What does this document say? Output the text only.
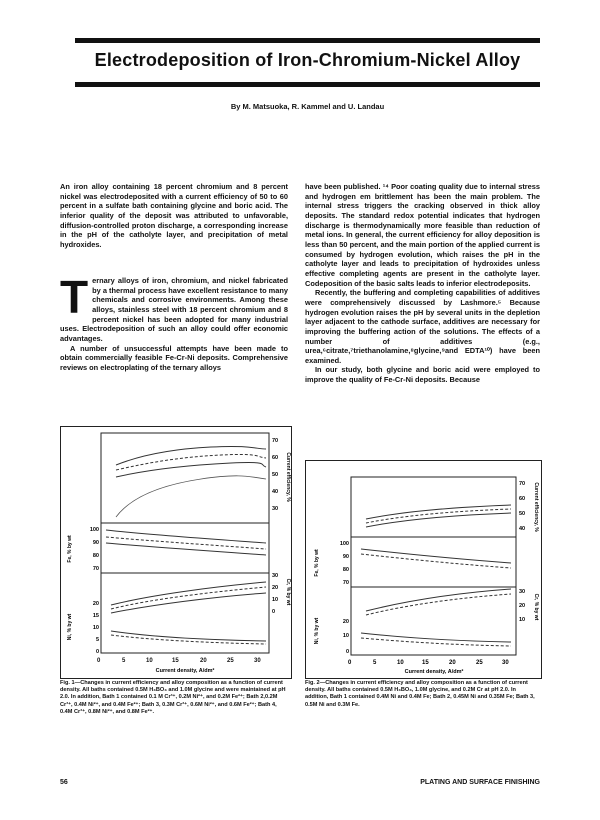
Electrodeposition of Iron-Chromium-Nickel Alloy
By M. Matsuoka, R. Kammel and U. Landau

An iron alloy containing 18 percent chromium and 8 percent nickel was electrodeposited with a current efficiency of 50 to 60 percent in a sulfate bath containing glycine and boric acid. The inferior quality of the deposit was attributed to unfavorable, diffusion-controlled proton discharge, a corresponding increase in the pH of the catholyte layer, and precipitation of metal hydroxides.

Ternary alloys of iron, chromium, and nickel fabricated by a thermal process have excellent resistance to many chemicals and corrosive environments. Among these alloys, stainless steel with 18 percent chromium and 8 percent nickel has been adopted for many industrial uses. Electrodeposition of such an alloy could offer economic advantages.

A number of unsuccessful attempts have been made to obtain commercially feasible Fe-Cr-Ni deposits. Comprehensive reviews on electroplating of the ternary alloys

have been published. ¹⁴ Poor coating quality due to internal stress and hydrogen em brittlement has been the main problem. The internal stress triggers the cracking observed in thick alloy deposits. The standard redox potential indicates that hydrogen discharge is thermodynamically more feasible than reduction of metal ions. In general, the current efficiency for alloy deposition is less than 50 percent, and the main portion of the applied current is consumed by hydrogen evolution, which raises the pH in the catholyte layer and leads to precipitation of hydroxides unless effective completing agents are present in the catholyte layer. Codeposition of the basic salts leads to inferior electrodeposits.

Recently, the buffering and completing capabilities of additives were comprehensively discussed by Lashmore.⁵ Because hydrogen evolution raises the pH by several units in the depletion layer adjacent to the cathode surface, additives are necessary for improving the buffering action of the solutions. The effects of a number of additives (e.g., urea,⁶citrate,⁷triethanolamine,⁸glycine,⁹and EDTA¹⁰) have been examined.

In our study, both glycine and boric acid were employed to improve the quality of Fe-Cr-Ni deposits. Because

0	5	10	15	20	25	30
Current density, A/dm²
70
60
50
40
30
Current efficiency, %
100
90
80
70
Fe, % by wt
30
20
10
0
Cr, % by wt
20
15
10
5
0
Ni, % by wt
Fig. 1—Changes in current efficiency and alloy composition as a function of current density. All baths contained 0.5M H₃BO₃ and 1.0M glycine and were maintained at pH 2.0. In addition, Bath 1 contained 0.1 M Cr³⁺, 0.2M Ni²⁺, and 0.2M Fe²⁺; Bath 2,0.2M Cr³⁺, 0.4M Ni²⁺, and 0.4M Fe²⁺; Bath 3, 0.3M Cr³⁺, 0.6M Ni²⁺, and 0.6M Fe²⁺; Bath 4, 0.4M Cr³⁺, 0.8M Ni²⁺, and 0.8M Fe²⁺.
0	5	10	15	20	25	30
Current density, A/dm²
70
60
50
40 Current efficiency, %
100
90
80
70
Fe, % by wt
30
20
10 Cr, % by wt
20
10
0
Ni, % by wt
Fig. 2—Changes in current efficiency and alloy composition as a function of current density. All baths contained 0.5M H₃BO₃, 1.0M glycine, and 0.2M Cr at pH 2.0. In addition, Bath 1 contained 0.4M Ni and 0.4M Fe; Bath 2, 0.45M Ni and 0.35M Fe; Bath 3, 0.5M Ni and 0.3M Fe.
56	PLATING AND SURFACE FINISHING
